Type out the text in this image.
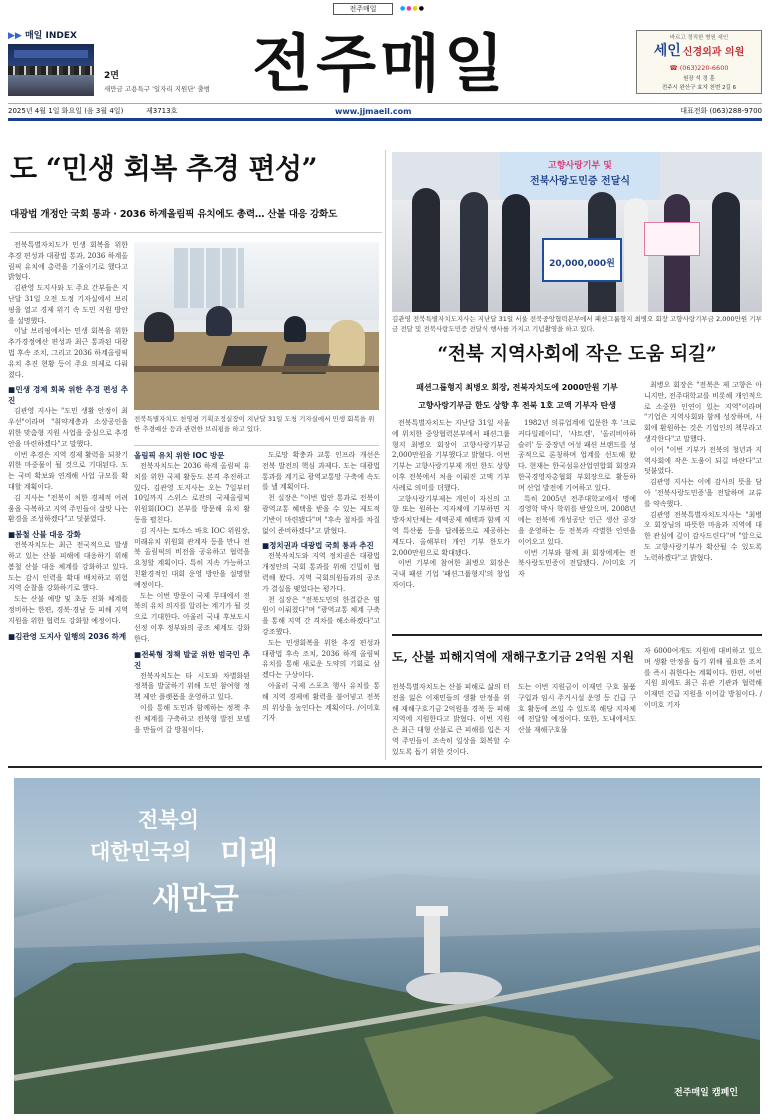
전주매일	●●●●
▶▶ 매일 INDEX
2면
새만금 고용특구 '일자리 지원단' 출범 전주매일	바르고 정직한 병원 세인
세인 신경외과 의원
☎ (063)220-6600
원장 석 정 훈
전주시 완산구 효자 천변 2길 6
2025년 4월 1일 화요일 (음 3월 4일)	제3713호	www.jjmaeil.com	대표전화 (063)288-9700
도 “민생 회복 추경 편성”
대광법 개정안 국회 통과 · 2036 하계올림픽 유치에도 총력… 산불 대응 강화도

전북특별자치도가 민생 회복을 위한 추경 편성과 대광법 통과, 2036 하계올림픽 유치에 총력을 기울이기로 했다고 밝혔다.

김관영 도지사와 도 주요 간부들은 지난달 31일 오전 도정 기자실에서 브리핑을 열고 경제 위기 속 도민 지원 방안을 설명했다.

이날 브리핑에서는 민생 회복을 위한 추가경정예산 편성과 최근 통과된 대광법 후속 조치, 그리고 2036 하계올림픽 유치 추진 현황 등이 주요 의제로 다뤄졌다.

■민생 경제 회복 위한 추경 편성 추진

김관영 지사는 "도민 생활 안정이 최우선"이라며 "취약계층과 소상공인을 위한 맞춤형 지원 사업을 중심으로 추경안을 마련하겠다"고 말했다.

이번 추경은 지역 경제 활력을 되찾기 위한 마중물이 될 것으로 기대된다. 도는 국비 확보와 연계해 사업 규모를 확대할 계획이다.

김 지사는 "전북이 처한 경제적 어려움을 극복하고 지역 주민들이 살맛 나는 환경을 조성하겠다"고 덧붙였다.

■봄철 산불 대응 강화

전북자치도는 최근 전국적으로 발생하고 있는 산불 피해에 대응하기 위해 봄철 산불 대응 체계를 강화하고 있다. 도는 감시 인력을 확대 배치하고 위험 지역 순찰을 강화하기로 했다.

도는 산불 예방 및 초동 진화 체계를 정비하는 한편, 경북·경남 등 피해 지역 지원을 위한 협력도 강화할 예정이다.

■김관영 도지사 일행의 2036 하계

전북특별자치도 천영평 기획조정실장이 지난달 31일 도청 기자실에서 민생 회복을 위한 추경예산 등과 관련한 브리핑을 하고 있다.

올림픽 유치 위한 IOC 방문

전북자치도는 2036 하계 올림픽 유치를 위한 국제 활동도 본격 추진하고 있다. 김관영 도지사는 오는 7일부터 10일까지 스위스 로잔의 국제올림픽위원회(IOC) 본부를 방문해 유치 활동을 펼친다.

김 지사는 토마스 바흐 IOC 위원장, 미래유치 위원회 관계자 등을 만나 전북 올림픽의 비전을 공유하고 협력을 요청할 계획이다. 특히 지속 가능하고 친환경적인 대회 운영 방안을 설명할 예정이다.

도는 이번 방문이 국제 무대에서 전북의 유치 의지를 알리는 계기가 될 것으로 기대한다. 아울러 국내 후보도시 선정 이후 정부와의 공조 체계도 강화한다.

■전북형 정책 발굴 위한 범국민 추진

전북자치도는 타 시도와 차별화된 정책을 발굴하기 위해 도민 참여형 정책 제안 플랫폼을 운영하고 있다.

이를 통해 도민과 함께하는 정책 추진 체계를 구축하고 전북형 발전 모델을 만들어 갈 방침이다.

도로망 확충과 교통 인프라 개선은 전북 발전의 핵심 과제다. 도는 대광법 통과를 계기로 광역교통망 구축에 속도를 낼 계획이다.

천 실장은 "이번 법안 통과로 전북이 광역교통 혜택을 받을 수 있는 제도적 기반이 마련됐다"며 "후속 절차를 차질 없이 준비하겠다"고 밝혔다.

■정치권과 대광법 국회 통과 추진

전북자치도와 지역 정치권은 대광법 개정안의 국회 통과를 위해 긴밀히 협력해 왔다. 지역 국회의원들과의 공조가 결실을 맺었다는 평가다.

천 실장은 "전북도민의 한결같은 염원이 이뤄졌다"며 "광역교통 체계 구축을 통해 지역 간 격차를 해소하겠다"고 강조했다.

도는 민생회복을 위한 추경 편성과 대광법 후속 조치, 2036 하계 올림픽 유치를 통해 새로운 도약의 기회로 삼겠다는 구상이다.

아울러 국제 스포츠 행사 유치를 통해 지역 경제에 활력을 불어넣고 전북의 위상을 높인다는 계획이다. /이미호 기자

고향사랑기부 및
전북사랑도민증 전달식
20,000,000원
김관영 전북특별자치도지사는 지난달 31일 서울 전북중앙협력본부에서 패션그룹형지 최병오 회장 고향사랑기부금 2,000만원 기부금 전달 및 전북사랑도민증 전달식 행사를 가지고 기념촬영을 하고 있다.
“전북 지역사회에 작은 도움 되길”
패션그룹형지 최병오 회장, 전북자치도에 2000만원 기부
고향사랑기부금 한도 상향 후 전북 1호 고액 기부자 탄생

전북특별자치도는 지난달 31일 서울에 위치한 중앙협력본부에서 패션그룹형지 최병오 회장이 고향사랑기부금 2,000만원을 기부했다고 밝혔다. 이번 기부는 고향사랑기부제 개인 한도 상향 이후 전북에서 처음 이뤄진 고액 기부 사례로 의미를 더했다.

고향사랑기부제는 개인이 자신의 고향 또는 원하는 지자체에 기부하면 지방자치단체는 세액공제 혜택과 함께 지역 특산품 등을 답례품으로 제공하는 제도다. 올해부터 개인 기부 한도가 2,000만원으로 확대됐다.

이번 기부에 참여한 최병오 회장은 국내 패션 기업 '패션그룹형지'의 창업자이다.

1982년 의류업계에 입문한 후 '크로커다일레이디', '샤트렌', '올리비아하슬러' 등 중장년 여성 패션 브랜드를 성공적으로 론칭하며 업계를 선도해 왔다. 현재는 한국섬유산업연합회 회장과 한국경영자총협회 부회장으로 활동하며 산업 발전에 기여하고 있다.

특히 2005년 전주대학교에서 명예경영학 박사 학위를 받았으며, 2008년에는 전북에 개성공단 인근 생산 공장을 운영하는 등 전북과 각별한 인연을 이어오고 있다.

이번 기부와 함께 최 회장에게는 전북사랑도민증이 전달됐다. /이미호 기자

최병오 회장은 "전북은 제 고향은 아니지만, 전주대학교를 비롯해 개인적으로 소중한 인연이 있는 지역"이라며 "기업은 지역사회와 함께 성장하며, 사회에 환원하는 것은 기업인의 책무라고 생각한다"고 말했다.

이어 "이번 기부가 전북의 청년과 지역사회에 작은 도움이 되길 바란다"고 덧붙였다.

김관영 지사는 이에 감사의 뜻을 담아 '전북사랑도민증'을 전달하며 교류를 약속했다.

김관영 전북특별자치도지사는 "최병오 회장님의 따뜻한 마음과 지역에 대한 관심에 깊이 감사드린다"며 "앞으로도 고향사랑기부가 확산될 수 있도록 노력하겠다"고 밝혔다.

도, 산불 피해지역에 재해구호기금 2억원 지원
전북특별자치도는 산불 피해로 삶의 터전을 잃은 이재민들의 생활 안정을 위해 재해구호기금 2억원을 경북 등 피해 지역에 지원한다고 밝혔다. 이번 지원은 최근 대형 산불로 큰 피해를 입은 지역 주민들이 조속히 일상을 회복할 수 있도록 돕기 위한 것이다.
도는 이번 지원금이 이재민 구호 물품 구입과 임시 주거시설 운영 등 긴급 구호 활동에 쓰일 수 있도록 해당 지자체에 전달할 예정이다. 또한, 도내에서도 산불 재해구호물
자 6000여개도 지원에 대비하고 있으며 생활 안정을 돕기 위해 필요한 조치를 즉시 취한다는 계획이다. 한편, 이번 지원 외에도 최근 유관 기관과 협력해 이재민 긴급 지원을 이어갈 방침이다. /이미호 기자
전북의
대한민국의 미래
새만금
전주매일 캠페인
